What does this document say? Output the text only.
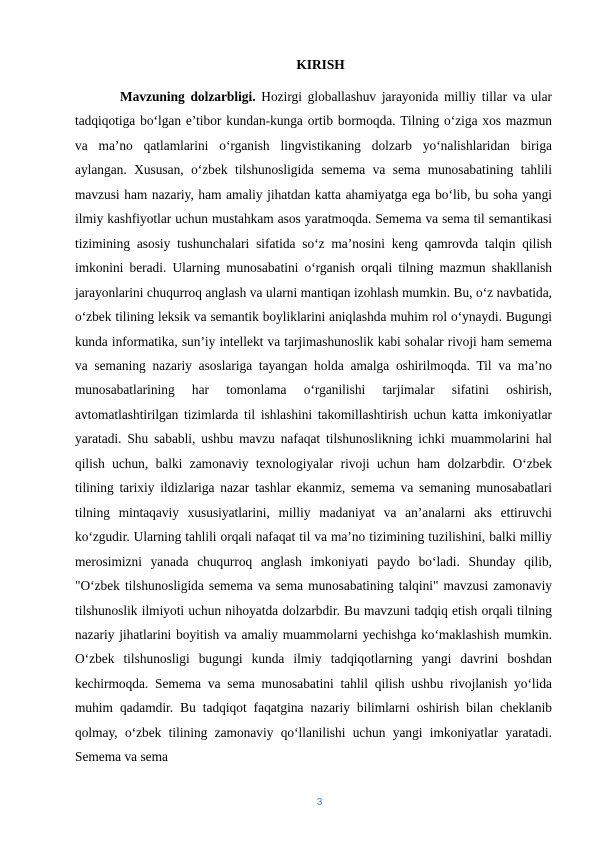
KIRISH

Mavzuning dolzarbligi. Hozirgi globallashuv jarayonida milliy tillar va ular tadqiqotiga bo‘lgan e’tibor kundan-kunga ortib bormoqda. Tilning o‘ziga xos mazmun va ma’no qatlamlarini o‘rganish lingvistikaning dolzarb yo‘nalishlaridan biriga aylangan. Xususan, o‘zbek tilshunosligida semema va sema munosabatining tahlili mavzusi ham nazariy, ham amaliy jihatdan katta ahamiyatga ega bo‘lib, bu soha yangi ilmiy kashfiyotlar uchun mustahkam asos yaratmoqda. Semema va sema til semantikasi tizimining asosiy tushunchalari sifatida so‘z ma’nosini keng qamrovda talqin qilish imkonini beradi. Ularning munosabatini o‘rganish orqali tilning mazmun shakllanish jarayonlarini chuqurroq anglash va ularni mantiqan izohlash mumkin. Bu, o‘z navbatida, o‘zbek tilining leksik va semantik boyliklarini aniqlashda muhim rol o‘ynaydi. Bugungi kunda informatika, sun’iy intellekt va tarjimashunoslik kabi sohalar rivoji ham semema va semaning nazariy asoslariga tayangan holda amalga oshirilmoqda. Til va ma’no munosabatlarining har tomonlama o‘rganilishi tarjimalar sifatini oshirish, avtomatlashtirilgan tizimlarda til ishlashini takomillashtirish uchun katta imkoniyatlar yaratadi. Shu sababli, ushbu mavzu nafaqat tilshunoslikning ichki muammolarini hal qilish uchun, balki zamonaviy texnologiyalar rivoji uchun ham dolzarbdir. O‘zbek tilining tarixiy ildizlariga nazar tashlar ekanmiz, semema va semaning munosabatlari tilning mintaqaviy xususiyatlarini, milliy madaniyat va an’analarni aks ettiruvchi ko‘zgudir. Ularning tahlili orqali nafaqat til va ma’no tizimining tuzilishini, balki milliy merosimizni yanada chuqurroq anglash imkoniyati paydo bo‘ladi. Shunday qilib, "O‘zbek tilshunosligida semema va sema munosabatining talqini" mavzusi zamonaviy tilshunoslik ilmiyoti uchun nihoyatda dolzarbdir. Bu mavzuni tadqiq etish orqali tilning nazariy jihatlarini boyitish va amaliy muammolarni yechishga ko‘maklashish mumkin. O‘zbek tilshunosligi bugungi kunda ilmiy tadqiqotlarning yangi davrini boshdan kechirmoqda. Semema va sema munosabatini tahlil qilish ushbu rivojlanish yo‘lida muhim qadamdir. Bu tadqiqot faqatgina nazariy bilimlarni oshirish bilan cheklanib qolmay, o‘zbek tilining zamonaviy qo‘llanilishi uchun yangi imkoniyatlar yaratadi. Semema va sema

3
